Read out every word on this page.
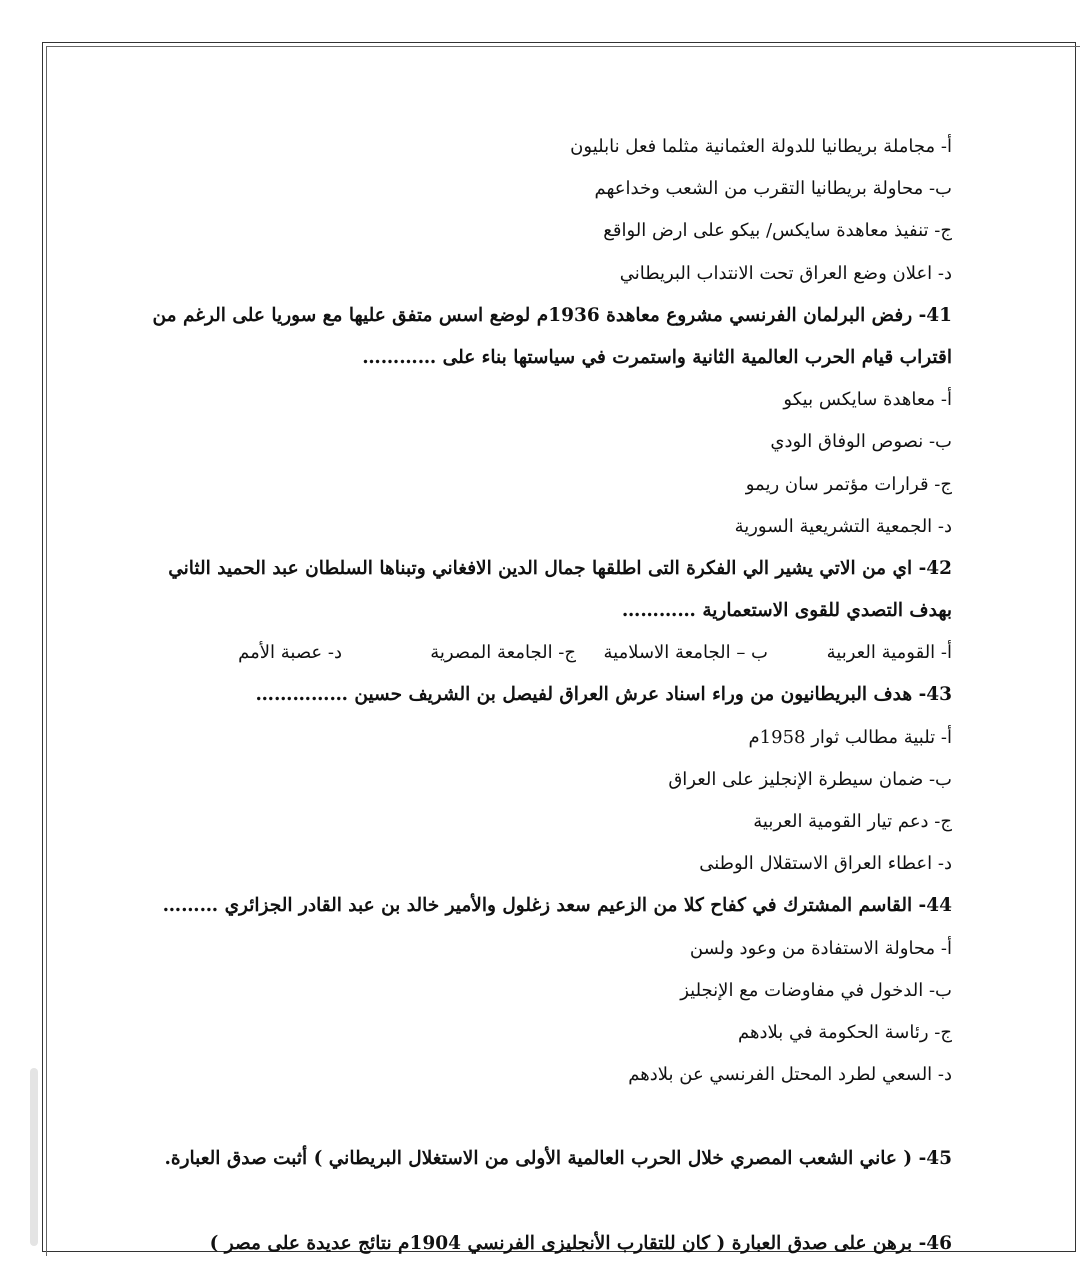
أ- مجاملة بريطانيا للدولة العثمانية مثلما فعل نابليون
ب- محاولة بريطانيا التقرب من الشعب وخداعهم
ج- تنفيذ معاهدة سايكس/ بيكو على ارض الواقع
د- اعلان وضع العراق تحت الانتداب البريطاني
41- رفض البرلمان الفرنسي مشروع معاهدة 1936م لوضع اسس متفق عليها مع سوريا على الرغم من
اقتراب قيام الحرب العالمية الثانية واستمرت في سياستها بناء على …………
أ- معاهدة سايكس بيكو
ب- نصوص الوفاق الودي
ج- قرارات مؤتمر سان ريمو
د- الجمعية التشريعية السورية
42- اي من الاتي يشير الي الفكرة التى اطلقها جمال الدين الافغاني وتبناها السلطان عبد الحميد الثاني
بهدف التصدي للقوى الاستعمارية …………
أ- القومية العربية
ب – الجامعة الاسلامية
ج- الجامعة المصرية
د- عصبة الأمم
43- هدف البريطانيون من وراء اسناد عرش العراق لفيصل بن الشريف حسين ……………
أ- تلبية مطالب ثوار 1958م
ب- ضمان سيطرة الإنجليز على العراق
ج- دعم تيار القومية العربية
د- اعطاء العراق الاستقلال الوطنى
44- القاسم المشترك في كفاح كلا من الزعيم سعد زغلول والأمير خالد بن عبد القادر الجزائري ………
أ- محاولة الاستفادة من وعود ولسن
ب- الدخول في مفاوضات مع الإنجليز
ج- رئاسة الحكومة في بلادهم
د- السعي لطرد المحتل الفرنسي عن بلادهم
45- ( عاني الشعب المصري خلال الحرب العالمية الأولى من الاستغلال البريطاني ) أثبت صدق العبارة.
46- برهن على صدق العبارة ( كان للتقارب الأنجليزى الفرنسي 1904م نتائج عديدة على مصر )
